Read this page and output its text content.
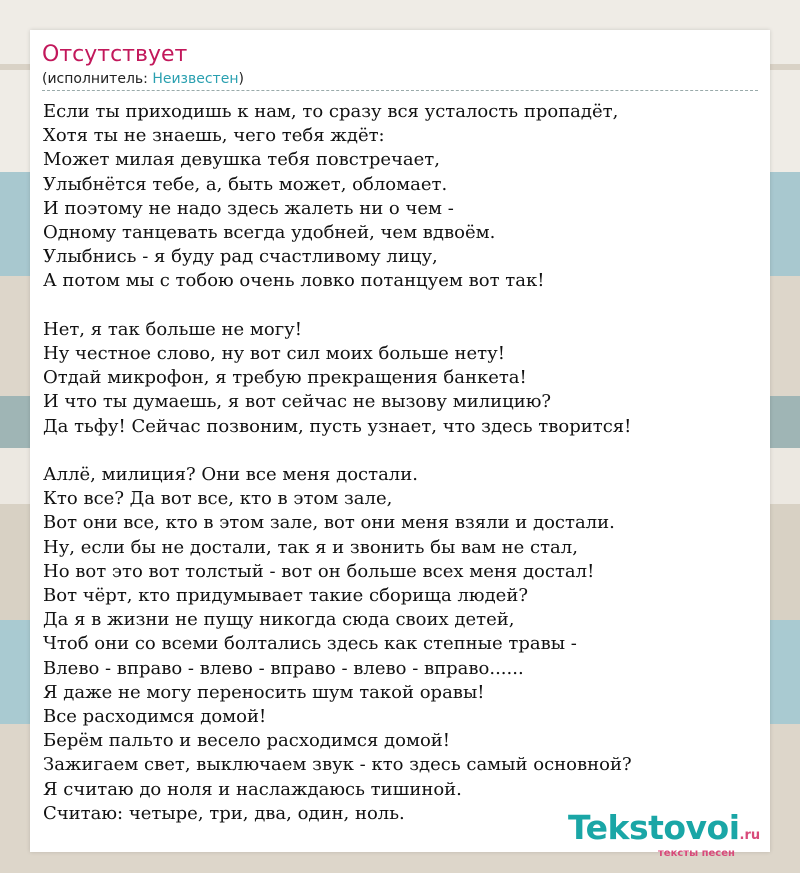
Отсутствует
(исполнитель: Неизвестен)
Если ты приходишь к нам, то сразу вся усталость пропадёт,
Хотя ты не знаешь, чего тебя ждёт:
Может милая девушка тебя повстречает,
Улыбнётся тебе, а, быть может, обломает.
И поэтому не надо здесь жалеть ни о чем -
Одному танцевать всегда удобней, чем вдвоём.
Улыбнись - я буду рад счастливому лицу,
А потом мы с тобою очень ловко потанцуем вот так!
Нет, я так больше не могу!
Ну честное слово, ну вот сил моих больше нету!
Отдай микрофон, я требую прекращения банкета!
И что ты думаешь, я вот сейчас не вызову милицию?
Да тьфу! Сейчас позвоним, пусть узнает, что здесь творится!
Аллё, милиция? Они все меня достали.
Кто все? Да вот все, кто в этом зале,
Вот они все, кто в этом зале, вот они меня взяли и достали.
Ну, если бы не достали, так я и звонить бы вам не стал,
Но вот это вот толстый - вот он больше всех меня достал!
Вот чёрт, кто придумывает такие сборища людей?
Да я в жизни не пущу никогда сюда своих детей,
Чтоб они со всеми болтались здесь как степные травы -
Влево - вправо - влево - вправо - влево - вправо......
Я даже не могу переносить шум такой оравы!
Все расходимся домой!
Берём пальто и весело расходимся домой!
Зажигаем свет, выключаем звук - кто здесь самый основной?
Я считаю до ноля и наслаждаюсь тишиной.
Считаю: четыре, три, два, один, ноль.	Tekstovoi.ru
тексты песен
